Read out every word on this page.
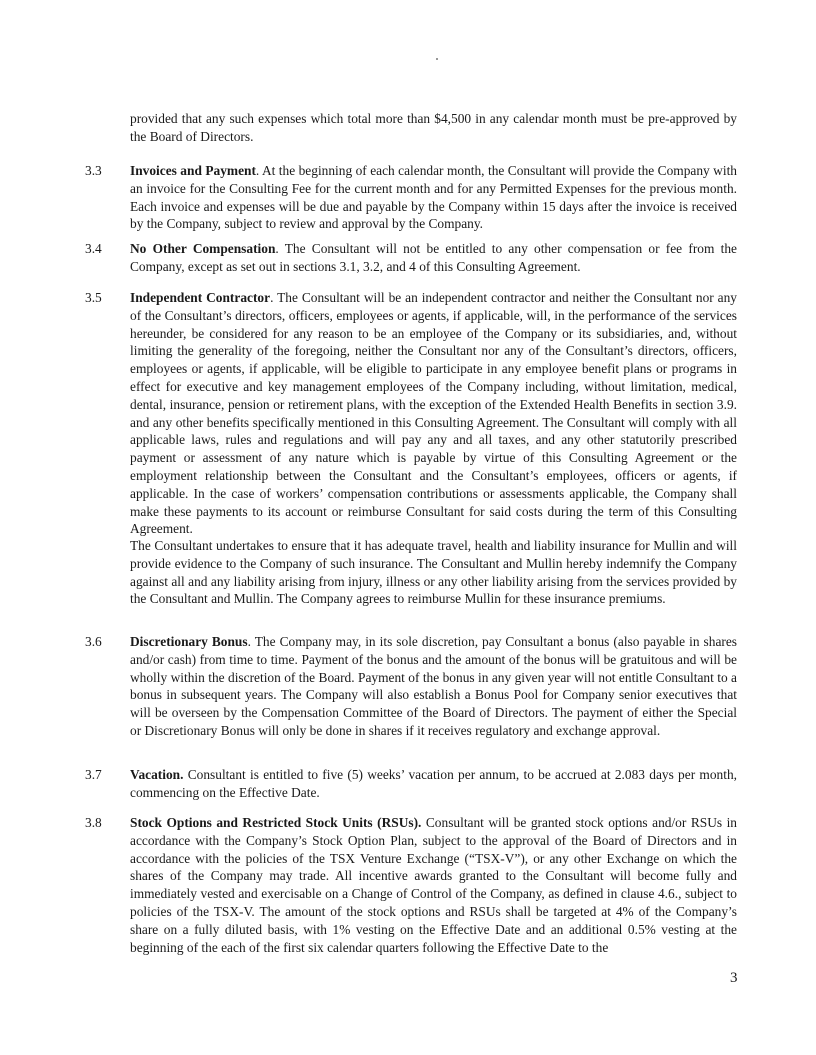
provided that any such expenses which total more than $4,500 in any calendar month must be pre-approved by the Board of Directors.

3.3 Invoices and Payment. At the beginning of each calendar month, the Consultant will provide the Company with an invoice for the Consulting Fee for the current month and for any Permitted Expenses for the previous month. Each invoice and expenses will be due and payable by the Company within 15 days after the invoice is received by the Company, subject to review and approval by the Company.

3.4 No Other Compensation. The Consultant will not be entitled to any other compensation or fee from the Company, except as set out in sections 3.1, 3.2, and 4 of this Consulting Agreement.

3.5 Independent Contractor. The Consultant will be an independent contractor and neither the Consultant nor any of the Consultant’s directors, officers, employees or agents, if applicable, will, in the performance of the services hereunder, be considered for any reason to be an employee of the Company or its subsidiaries, and, without limiting the generality of the foregoing, neither the Consultant nor any of the Consultant’s directors, officers, employees or agents, if applicable, will be eligible to participate in any employee benefit plans or programs in effect for executive and key management employees of the Company including, without limitation, medical, dental, insurance, pension or retirement plans, with the exception of the Extended Health Benefits in section 3.9. and any other benefits specifically mentioned in this Consulting Agreement. The Consultant will comply with all applicable laws, rules and regulations and will pay any and all taxes, and any other statutorily prescribed payment or assessment of any nature which is payable by virtue of this Consulting Agreement or the employment relationship between the Consultant and the Consultant’s employees, officers or agents, if applicable. In the case of workers’ compensation contributions or assessments applicable, the Company shall make these payments to its account or reimburse Consultant for said costs during the term of this Consulting Agreement.

The Consultant undertakes to ensure that it has adequate travel, health and liability insurance for Mullin and will provide evidence to the Company of such insurance. The Consultant and Mullin hereby indemnify the Company against all and any liability arising from injury, illness or any other liability arising from the services provided by the Consultant and Mullin. The Company agrees to reimburse Mullin for these insurance premiums.

3.6 Discretionary Bonus. The Company may, in its sole discretion, pay Consultant a bonus (also payable in shares and/or cash) from time to time. Payment of the bonus and the amount of the bonus will be gratuitous and will be wholly within the discretion of the Board. Payment of the bonus in any given year will not entitle Consultant to a bonus in subsequent years. The Company will also establish a Bonus Pool for Company senior executives that will be overseen by the Compensation Committee of the Board of Directors. The payment of either the Special or Discretionary Bonus will only be done in shares if it receives regulatory and exchange approval.

3.7 Vacation. Consultant is entitled to five (5) weeks’ vacation per annum, to be accrued at 2.083 days per month, commencing on the Effective Date.

3.8 Stock Options and Restricted Stock Units (RSUs). Consultant will be granted stock options and/or RSUs in accordance with the Company’s Stock Option Plan, subject to the approval of the Board of Directors and in accordance with the policies of the TSX Venture Exchange (“TSX-V”), or any other Exchange on which the shares of the Company may trade. All incentive awards granted to the Consultant will become fully and immediately vested and exercisable on a Change of Control of the Company, as defined in clause 4.6., subject to policies of the TSX-V. The amount of the stock options and RSUs shall be targeted at 4% of the Company’s share on a fully diluted basis, with 1% vesting on the Effective Date and an additional 0.5% vesting at the beginning of the each of the first six calendar quarters following the Effective Date to the

3
